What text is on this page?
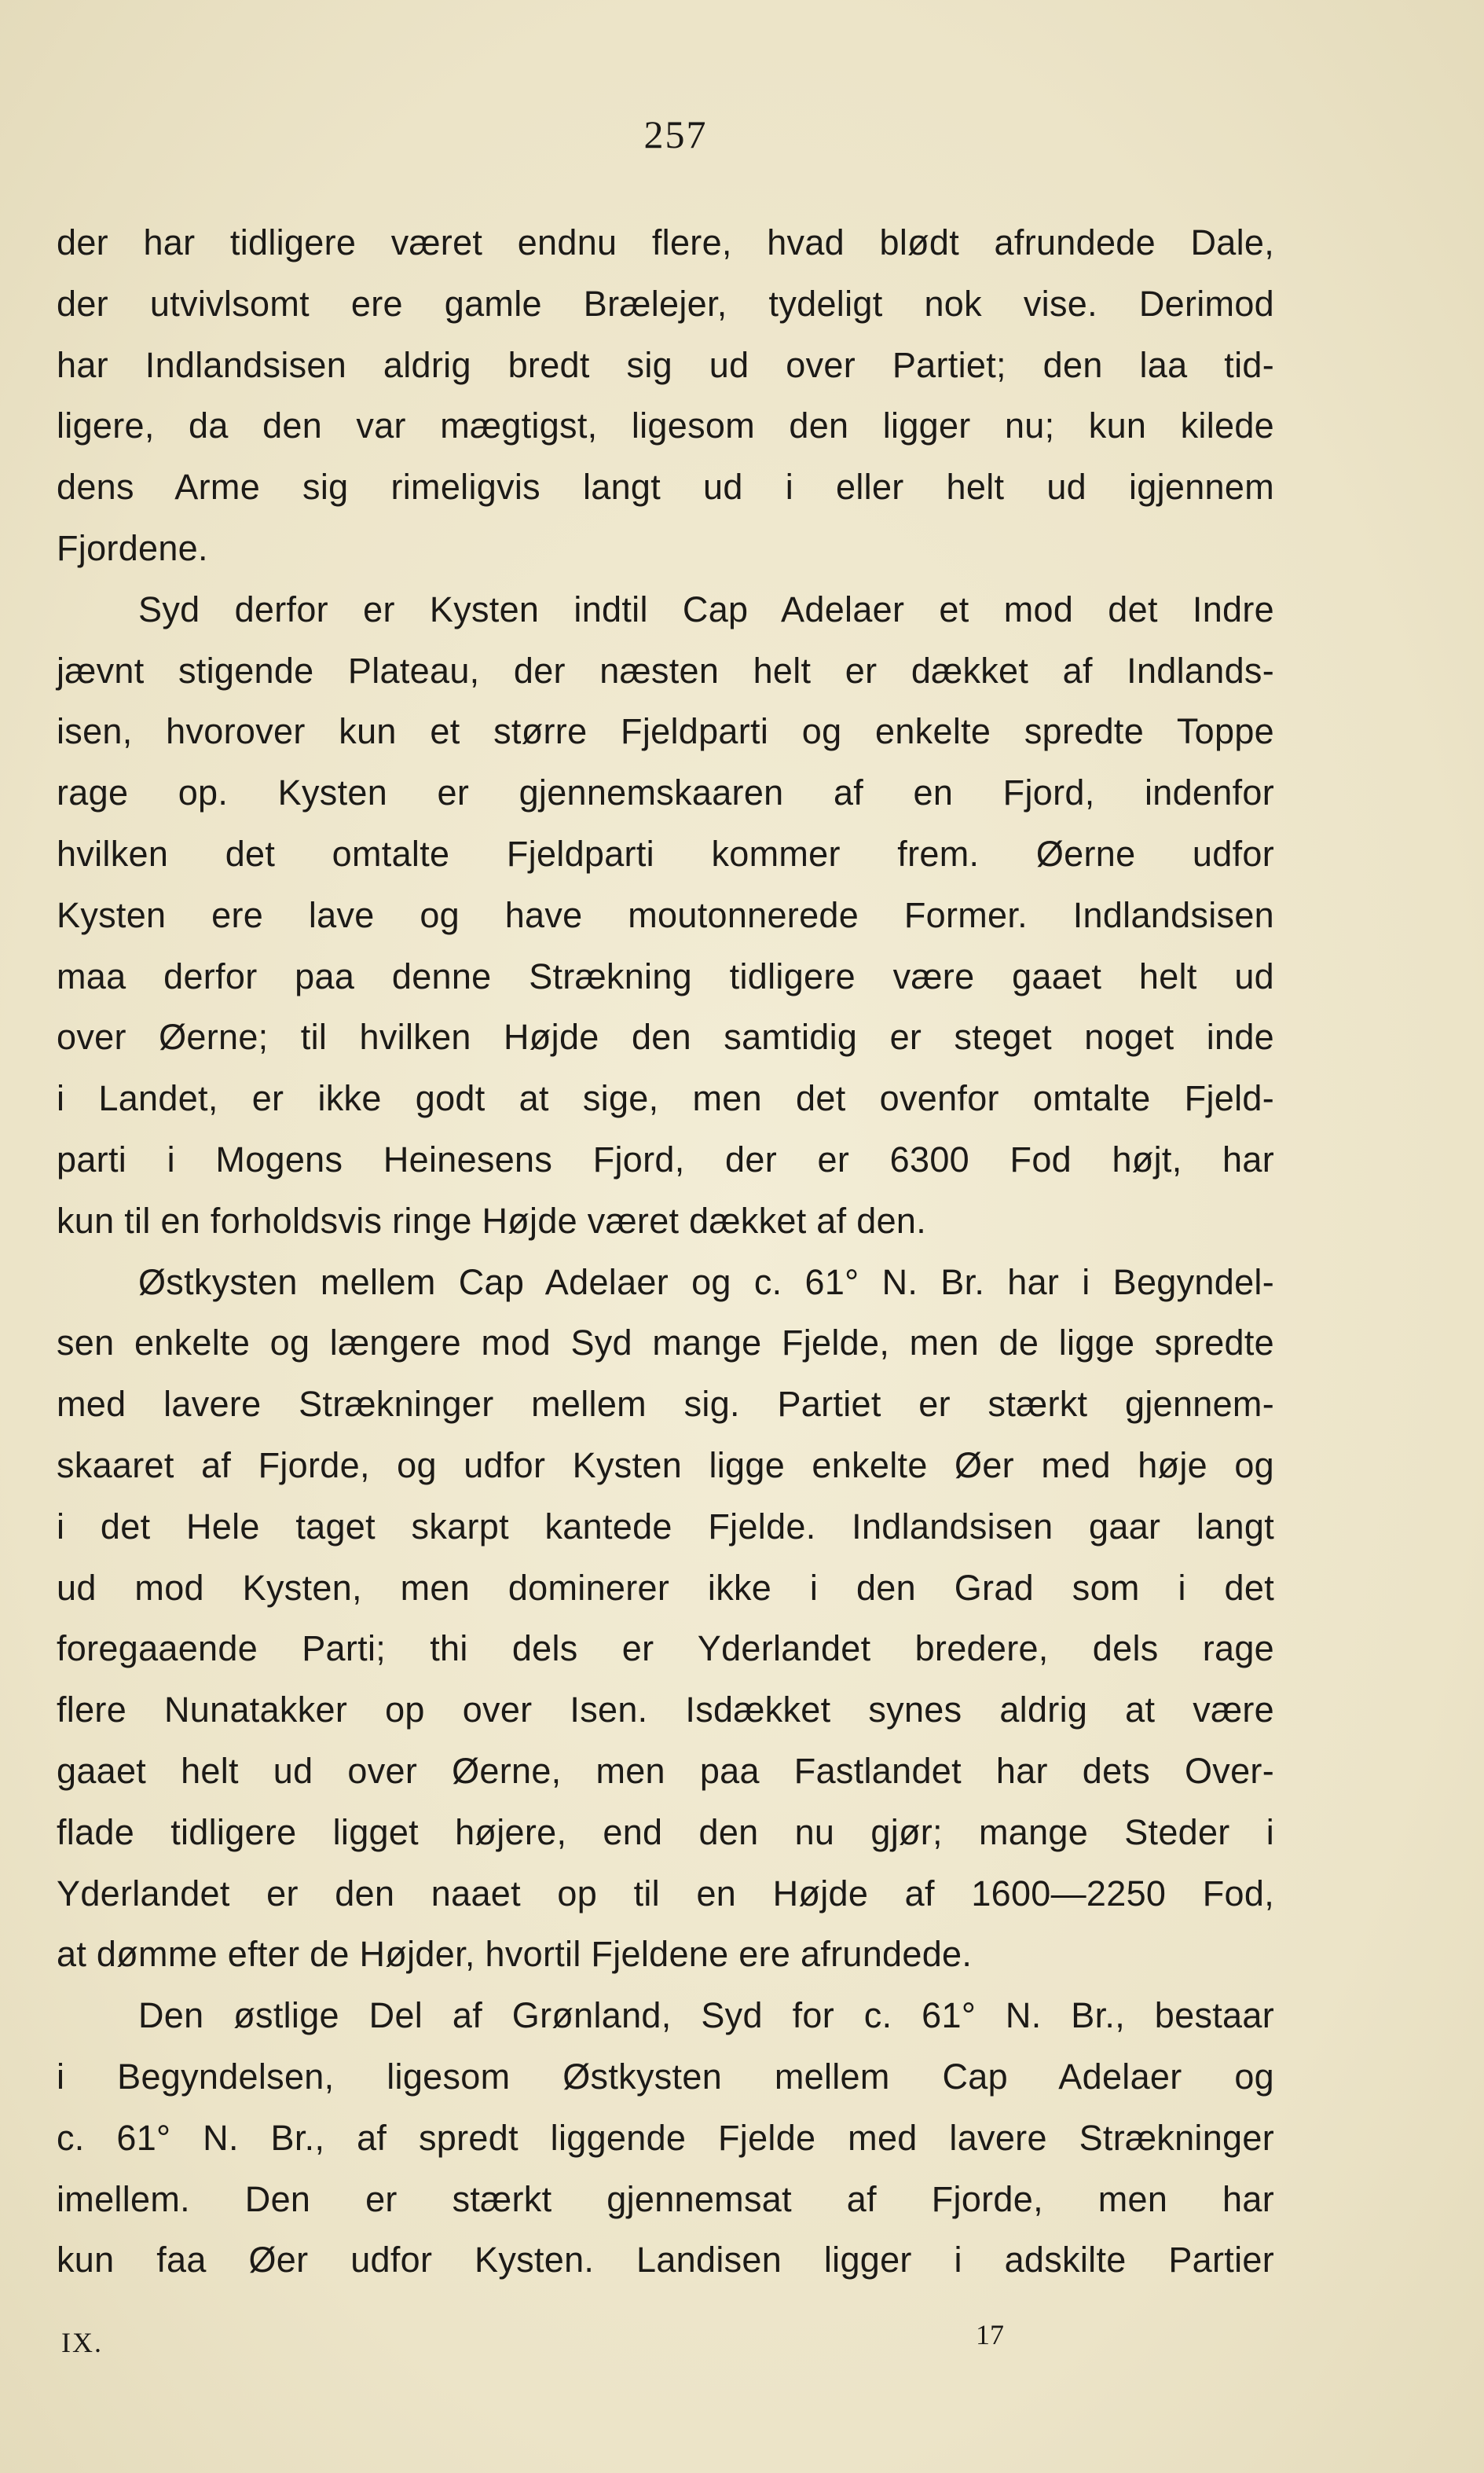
257
der har tidligere været endnu flere, hvad blødt afrundede Dale,
der utvivlsomt ere gamle Brælejer, tydeligt nok vise. Derimod
har Indlandsisen aldrig bredt sig ud over Partiet; den laa tid-
ligere, da den var mægtigst, ligesom den ligger nu; kun kilede
dens Arme sig rimeligvis langt ud i eller helt ud igjennem
Fjordene.
Syd derfor er Kysten indtil Cap Adelaer et mod det Indre
jævnt stigende Plateau, der næsten helt er dækket af Indlands-
isen, hvorover kun et større Fjeldparti og enkelte spredte Toppe
rage op. Kysten er gjennemskaaren af en Fjord, indenfor
hvilken det omtalte Fjeldparti kommer frem. Øerne udfor
Kysten ere lave og have moutonnerede Former. Indlandsisen
maa derfor paa denne Strækning tidligere være gaaet helt ud
over Øerne; til hvilken Højde den samtidig er steget noget inde
i Landet, er ikke godt at sige, men det ovenfor omtalte Fjeld-
parti i Mogens Heinesens Fjord, der er 6300 Fod højt, har
kun til en forholdsvis ringe Højde været dækket af den.
Østkysten mellem Cap Adelaer og c. 61° N. Br. har i Begyndel-
sen enkelte og længere mod Syd mange Fjelde, men de ligge spredte
med lavere Strækninger mellem sig. Partiet er stærkt gjennem-
skaaret af Fjorde, og udfor Kysten ligge enkelte Øer med høje og
i det Hele taget skarpt kantede Fjelde. Indlandsisen gaar langt
ud mod Kysten, men dominerer ikke i den Grad som i det
foregaaende Parti; thi dels er Yderlandet bredere, dels rage
flere Nunatakker op over Isen. Isdækket synes aldrig at være
gaaet helt ud over Øerne, men paa Fastlandet har dets Over-
flade tidligere ligget højere, end den nu gjør; mange Steder i
Yderlandet er den naaet op til en Højde af 1600—2250 Fod,
at dømme efter de Højder, hvortil Fjeldene ere afrundede.
Den østlige Del af Grønland, Syd for c. 61° N. Br., bestaar
i Begyndelsen, ligesom Østkysten mellem Cap Adelaer og
c. 61° N. Br., af spredt liggende Fjelde med lavere Strækninger
imellem. Den er stærkt gjennemsat af Fjorde, men har
kun faa Øer udfor Kysten. Landisen ligger i adskilte Partier
IX.	17
